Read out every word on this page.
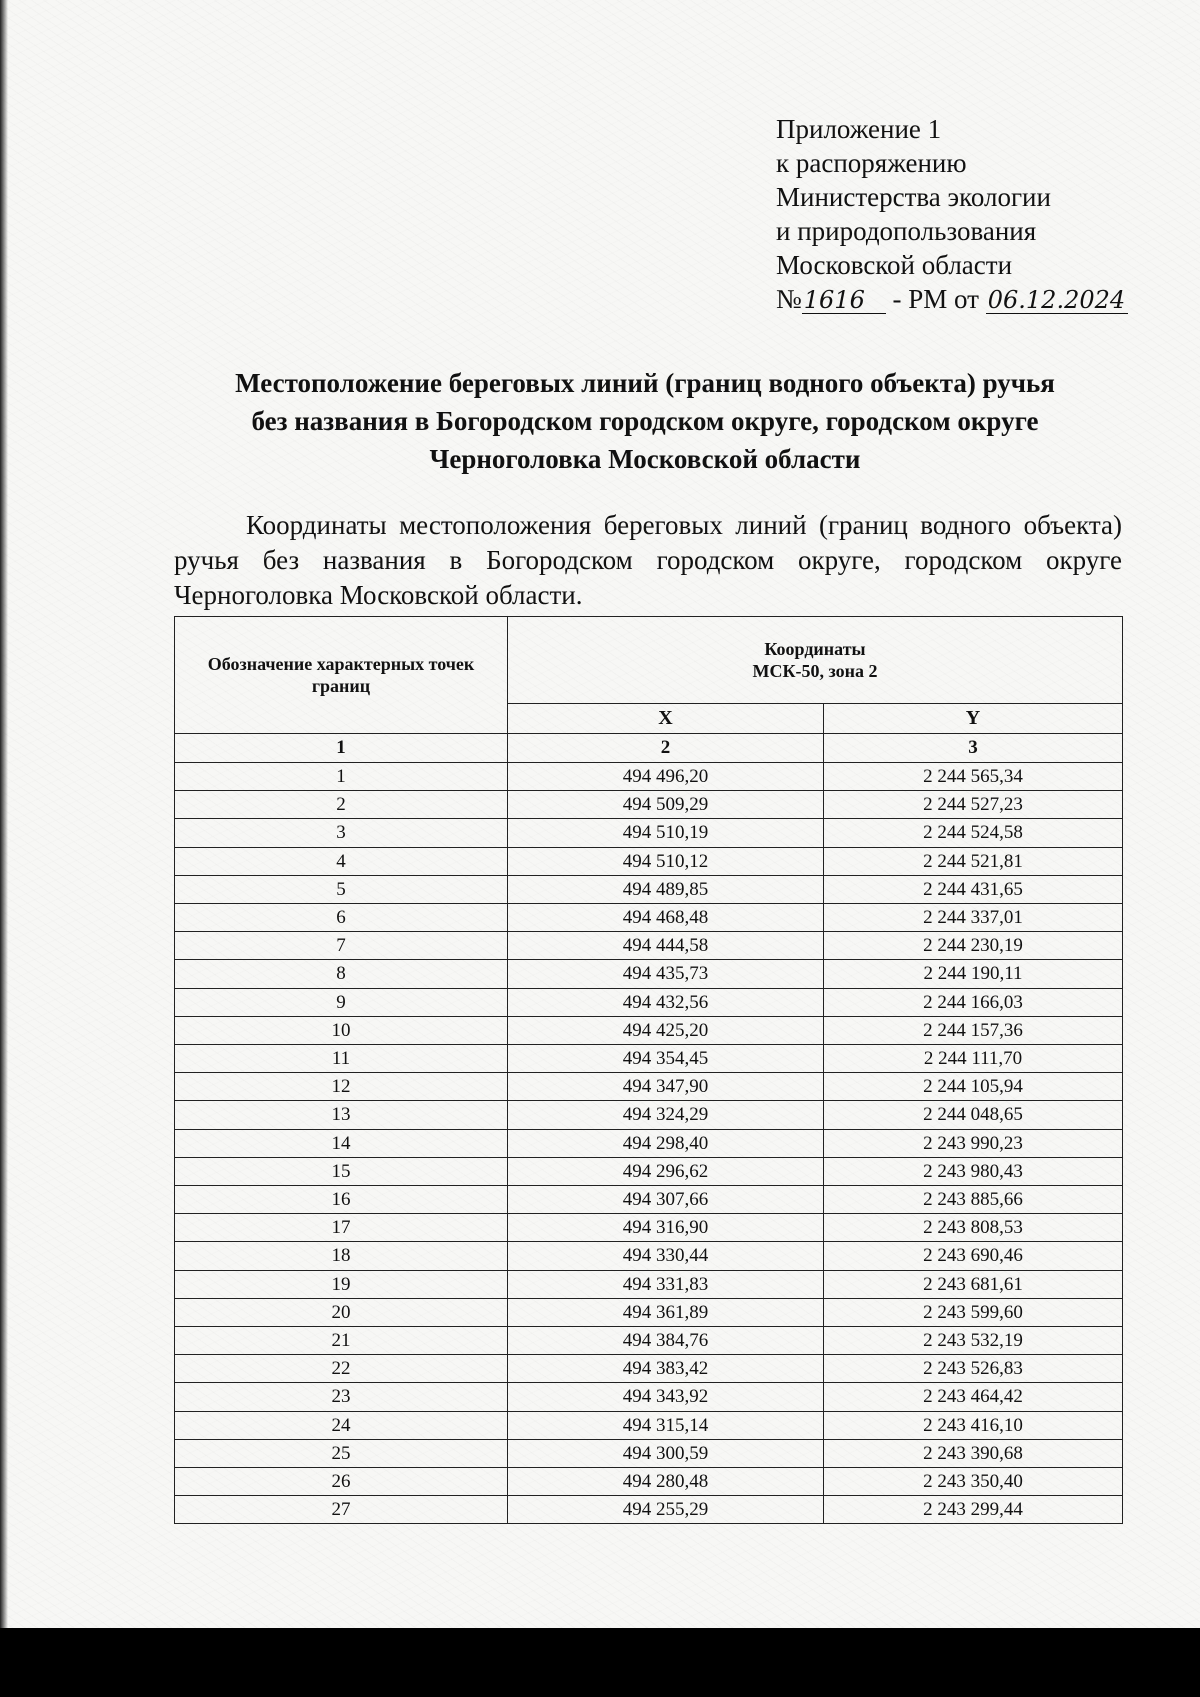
Приложение 1
к распоряжению
Министерства экологии
и природопользования
Московской области
№1616 - РМ от 06.12.2024
Местоположение береговых линий (границ водного объекта) ручья
без названия в Богородском городском округе, городском округе
Черноголовка Московской области
Координаты местоположения береговых линий (границ водного объекта) ручья без названия в Богородском городском округе, городском округе Черноголовка Московской области.
Обозначение характерных точек границ	Координаты
МСК-50, зона 2	

	X	Y
1	2	3
1	494 496,20	2 244 565,34
2	494 509,29	2 244 527,23
3	494 510,19	2 244 524,58
4	494 510,12	2 244 521,81
5	494 489,85	2 244 431,65
6	494 468,48	2 244 337,01
7	494 444,58	2 244 230,19
8	494 435,73	2 244 190,11
9	494 432,56	2 244 166,03
10	494 425,20	2 244 157,36
11	494 354,45	2 244 111,70
12	494 347,90	2 244 105,94
13	494 324,29	2 244 048,65
14	494 298,40	2 243 990,23
15	494 296,62	2 243 980,43
16	494 307,66	2 243 885,66
17	494 316,90	2 243 808,53
18	494 330,44	2 243 690,46
19	494 331,83	2 243 681,61
20	494 361,89	2 243 599,60
21	494 384,76	2 243 532,19
22	494 383,42	2 243 526,83
23	494 343,92	2 243 464,42
24	494 315,14	2 243 416,10
25	494 300,59	2 243 390,68
26	494 280,48	2 243 350,40
27	494 255,29	2 243 299,44
